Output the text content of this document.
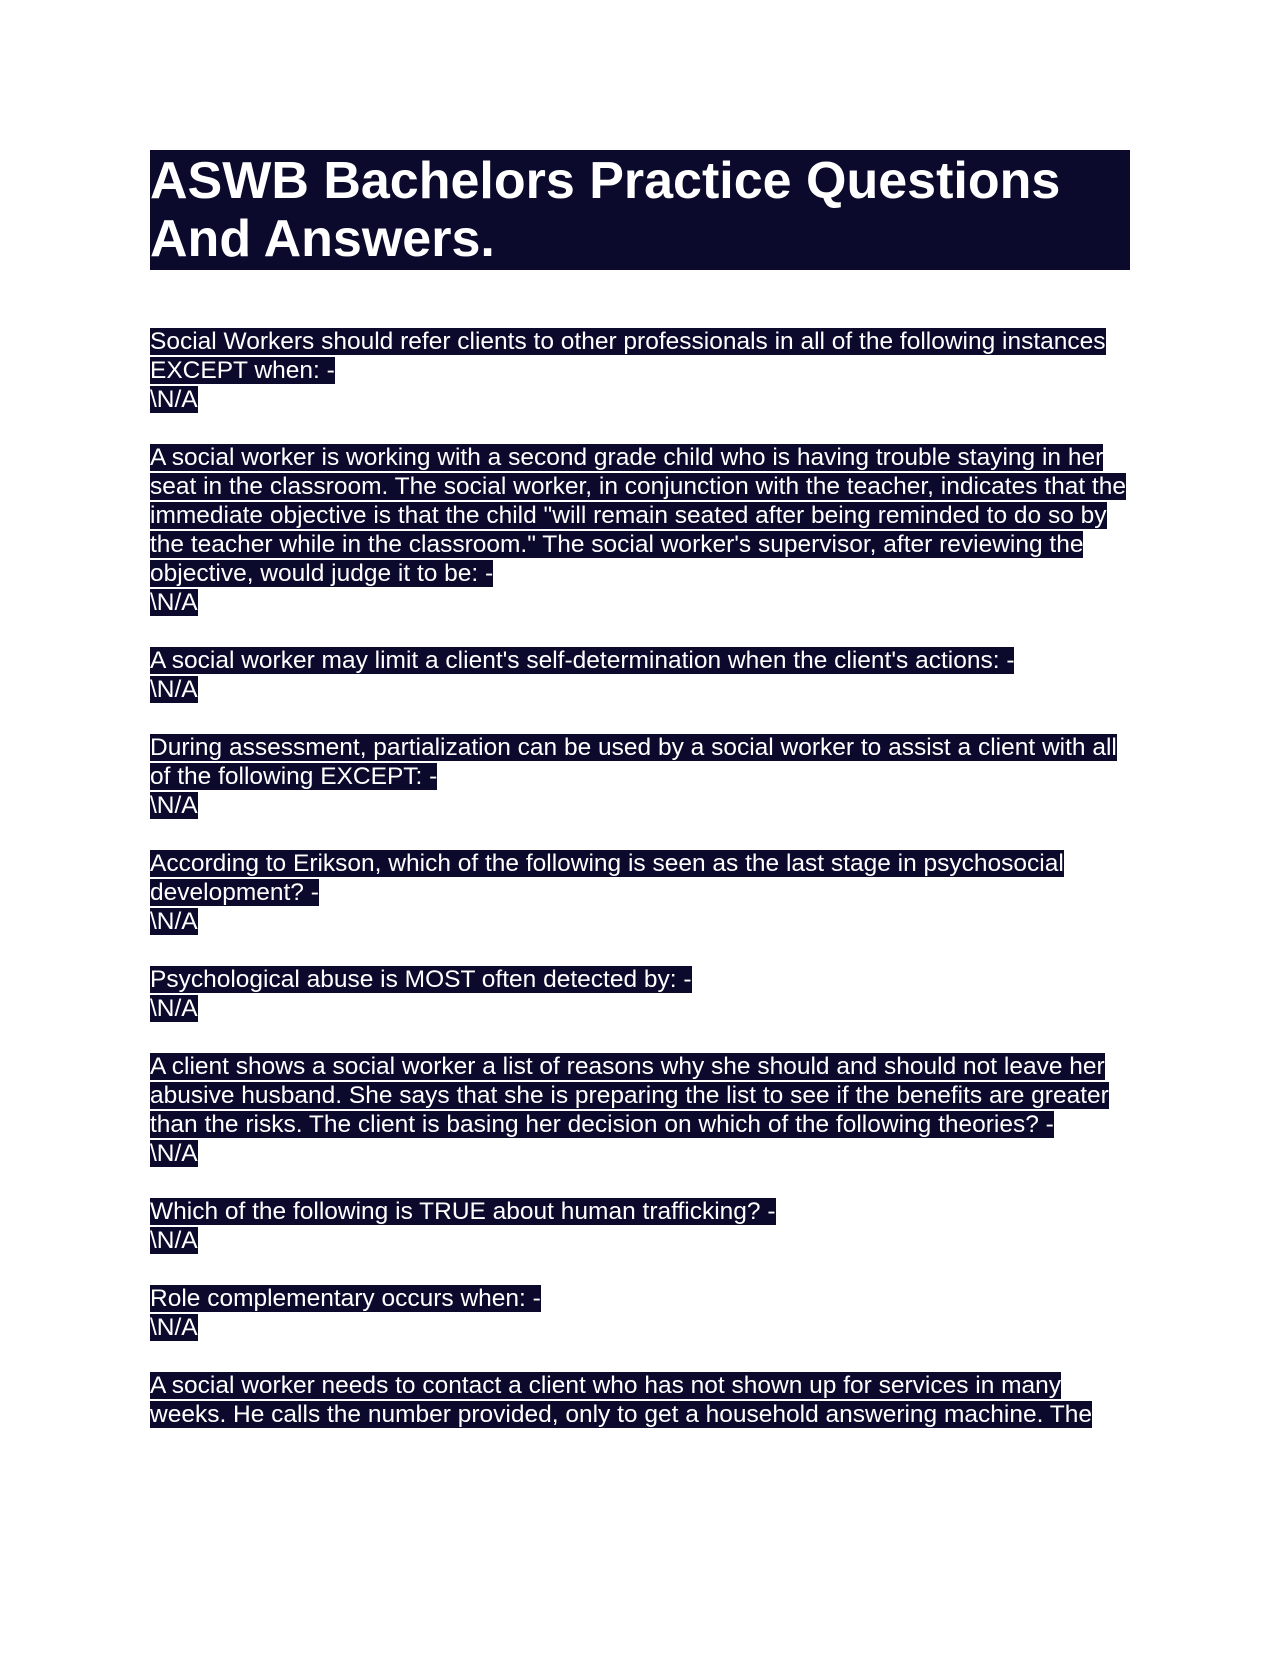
ASWB Bachelors Practice Questions And Answers.
Social Workers should refer clients to other professionals in all of the following instances EXCEPT when: -
\N/A
A social worker is working with a second grade child who is having trouble staying in her seat in the classroom. The social worker, in conjunction with the teacher, indicates that the immediate objective is that the child "will remain seated after being reminded to do so by the teacher while in the classroom." The social worker's supervisor, after reviewing the objective, would judge it to be: -
\N/A
A social worker may limit a client's self-determination when the client's actions: -
\N/A
During assessment, partialization can be used by a social worker to assist a client with all of the following EXCEPT: -
\N/A
According to Erikson, which of the following is seen as the last stage in psychosocial development? -
\N/A
Psychological abuse is MOST often detected by: -
\N/A
A client shows a social worker a list of reasons why she should and should not leave her abusive husband. She says that she is preparing the list to see if the benefits are greater than the risks. The client is basing her decision on which of the following theories? -
\N/A
Which of the following is TRUE about human trafficking? -
\N/A
Role complementary occurs when: -
\N/A
A social worker needs to contact a client who has not shown up for services in many weeks. He calls the number provided, only to get a household answering machine. The
